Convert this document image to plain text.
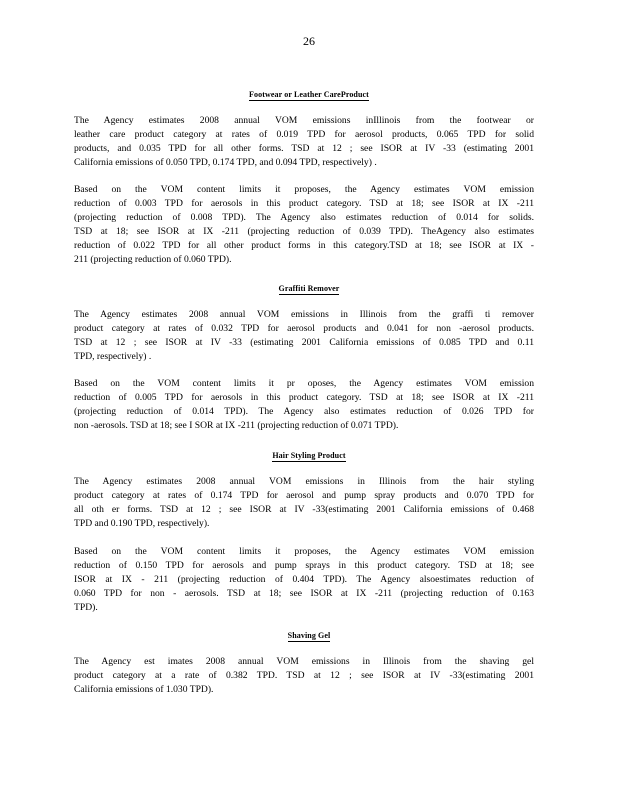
26
Footwear or Leather CareProduct
The Agency estimates 2008 annual VOM emissions inIllinois from the footwear or
leather care product category at rates of 0.019 TPD for aerosol products, 0.065 TPD for solid
products, and 0.035 TPD for all other forms. TSD at 12 ; see ISOR at IV -33 (estimating 2001
California emissions of 0.050 TPD, 0.174 TPD, and 0.094 TPD, respectively) .
Based on the VOM content limits it proposes, the Agency estimates VOM emission
reduction of 0.003 TPD for aerosols in this product category. TSD at 18; see ISOR at IX -211
(projecting reduction of 0.008 TPD). The Agency also estimates reduction of 0.014 for solids.
TSD at 18; see ISOR at IX -211 (projecting reduction of 0.039 TPD). TheAgency also estimates
reduction of 0.022 TPD for all other product forms in this category.TSD at 18; see ISOR at IX -
211 (projecting reduction of 0.060 TPD).
Graffiti Remover
The Agency estimates 2008 annual VOM emissions in Illinois from the graffi ti remover
product category at rates of 0.032 TPD for aerosol products and 0.041 for non -aerosol products.
TSD at 12 ; see ISOR at IV -33 (estimating 2001 California emissions of 0.085 TPD and 0.11
TPD, respectively) .
Based on the VOM content limits it pr oposes, the Agency estimates VOM emission
reduction of 0.005 TPD for aerosols in this product category. TSD at 18; see ISOR at IX -211
(projecting reduction of 0.014 TPD). The Agency also estimates reduction of 0.026 TPD for
non -aerosols. TSD at 18; see I SOR at IX -211 (projecting reduction of 0.071 TPD).
Hair Styling Product
The Agency estimates 2008 annual VOM emissions in Illinois from the hair styling
product category at rates of 0.174 TPD for aerosol and pump spray products and 0.070 TPD for
all oth er forms. TSD at 12 ; see ISOR at IV -33(estimating 2001 California emissions of 0.468
TPD and 0.190 TPD, respectively).
Based on the VOM content limits it proposes, the Agency estimates VOM emission
reduction of 0.150 TPD for aerosols and pump sprays in this product category. TSD at 18; see
ISOR at IX - 211 (projecting reduction of 0.404 TPD). The Agency alsoestimates reduction of
0.060 TPD for non - aerosols. TSD at 18; see ISOR at IX -211 (projecting reduction of 0.163
TPD).
Shaving Gel
The Agency est imates 2008 annual VOM emissions in Illinois from the shaving gel
product category at a rate of 0.382 TPD. TSD at 12 ; see ISOR at IV -33(estimating 2001
California emissions of 1.030 TPD).
